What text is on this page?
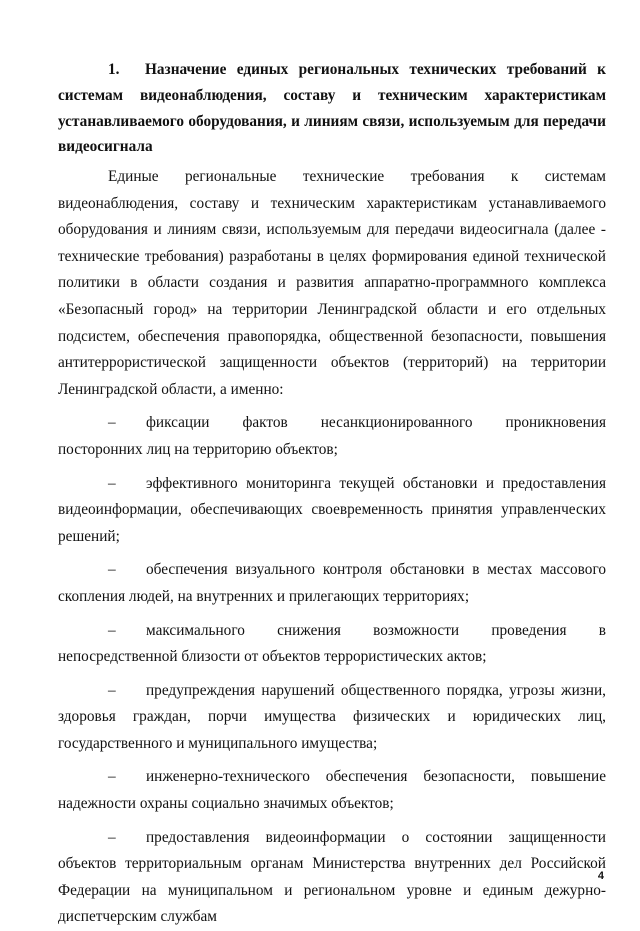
1. Назначение единых региональных технических требований к системам видеонаблюдения, составу и техническим характеристикам устанавливаемого оборудования, и линиям связи, используемым для передачи видеосигнала

Единые региональные технические требования к системам видеонаблюдения, составу и техническим характеристикам устанавливаемого оборудования и линиям связи, используемым для передачи видеосигнала (далее - технические требования) разработаны в целях формирования единой технической политики в области создания и развития аппаратно-программного комплекса «Безопасный город» на территории Ленинградской области и его отдельных подсистем, обеспечения правопорядка, общественной безопасности, повышения антитеррористической защищенности объектов (территорий) на территории Ленинградской области, а именно:

– фиксации фактов несанкционированного проникновения посторонних лиц на территорию объектов;

– эффективного мониторинга текущей обстановки и предоставления видеоинформации, обеспечивающих своевременность принятия управленческих решений;

– обеспечения визуального контроля обстановки в местах массового скопления людей, на внутренних и прилегающих территориях;

– максимального снижения возможности проведения в непосредственной близости от объектов террористических актов;

– предупреждения нарушений общественного порядка, угрозы жизни, здоровья граждан, порчи имущества физических и юридических лиц, государственного и муниципального имущества;

– инженерно-технического обеспечения безопасности, повышение надежности охраны социально значимых объектов;

– предоставления видеоинформации о состоянии защищенности объектов территориальным органам Министерства внутренних дел Российской Федерации на муниципальном и региональном уровне и единым дежурно- диспетчерским службам

4
